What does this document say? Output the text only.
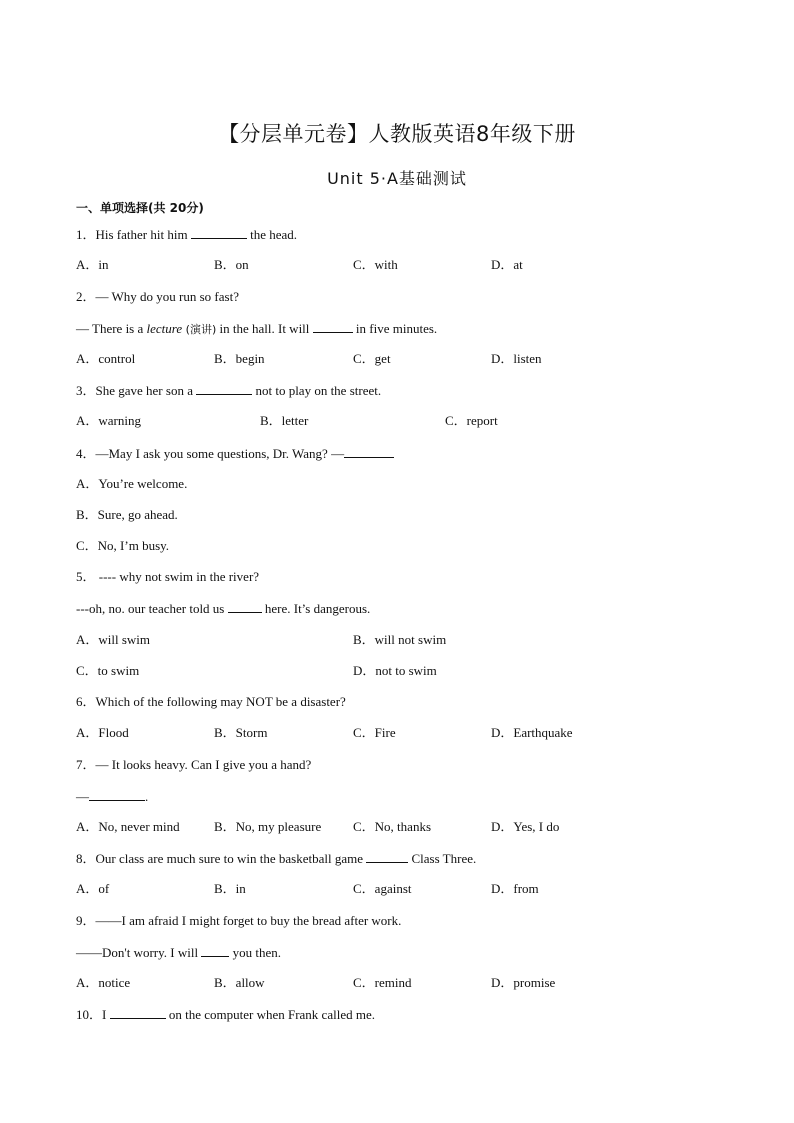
【分层单元卷】人教版英语8年级下册
Unit 5·A基础测试
一、单项选择(共 20分)
1．His father hit him	the head.
A．in	B．on	C．with	D．at
2．— Why do you run so fast?
— There is a lecture (演讲) in the hall. It will	in five minutes.
A．control	B．begin	C．get	D．listen
3．She gave her son a	not to play on the street.
A．warning	B．letter	C．report
4．—May I ask you some questions, Dr. Wang? —
A．You’re welcome.
B．Sure, go ahead.
C．No, I’m busy.
5． ---- why not swim in the river?
---oh, no. our teacher told us	here. It’s dangerous.
A．will swim	B．will not swim
C．to swim	D．not to swim
6．Which of the following may NOT be a disaster?
A．Flood	B．Storm	C．Fire	D．Earthquake
7．— It looks heavy. Can I give you a hand?
—	.
A．No, never mind	B．No, my pleasure C．No, thanks	D．Yes, I do
8．Our class are much sure to win the basketball game	Class Three.
A．of	B．in	C．against	D．from
9．——I am afraid I might forget to buy the bread after work.
——Don't worry. I will	you then.
A．notice	B．allow	C．remind	D．promise
10．I	on the computer when Frank called me.
